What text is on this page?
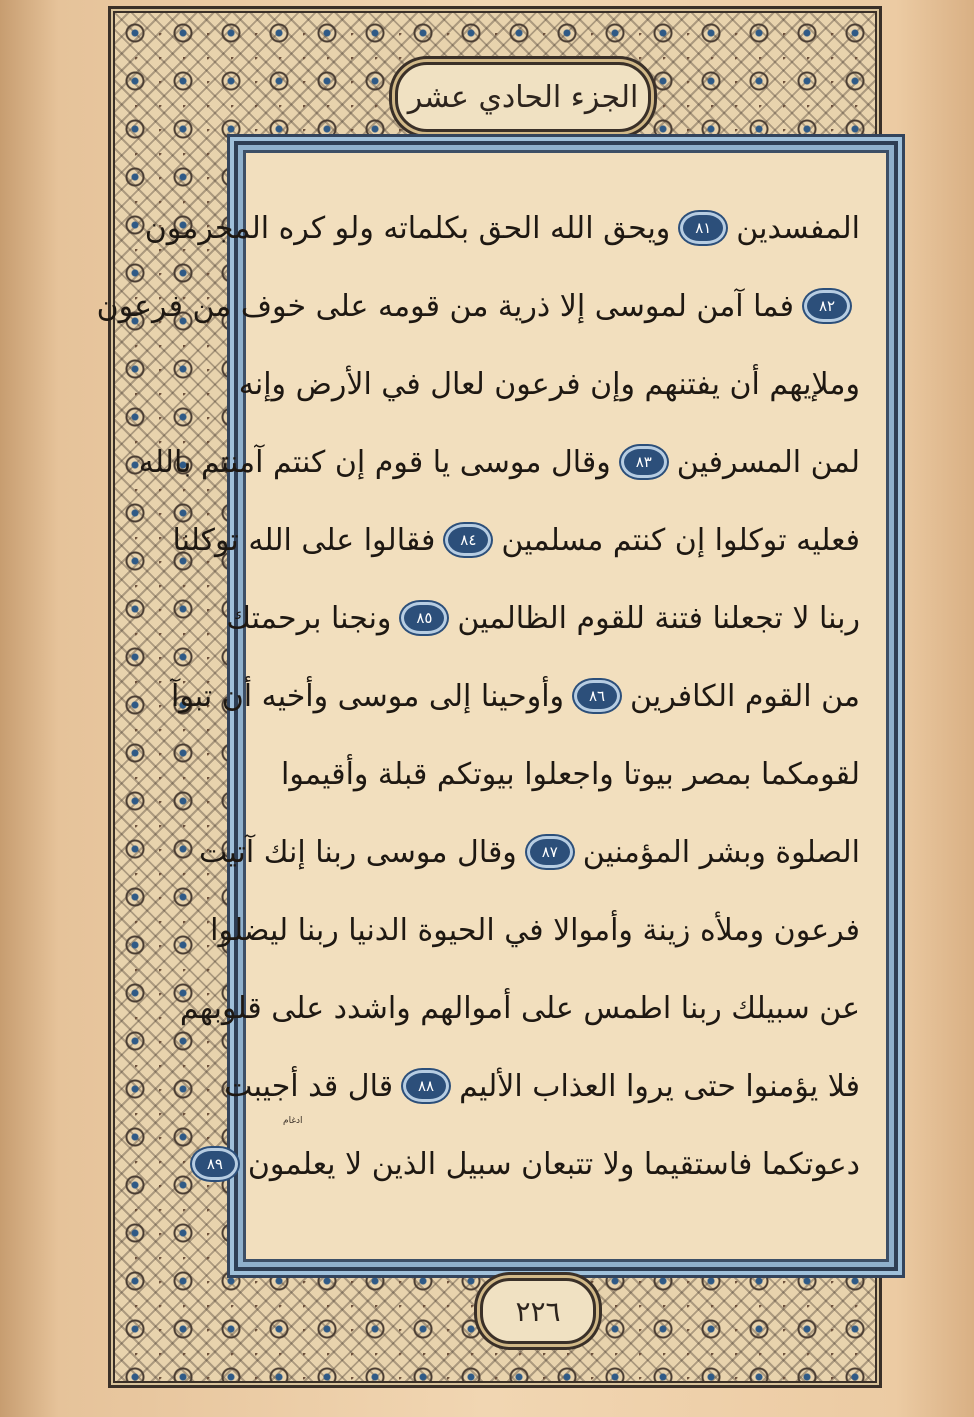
الجزء الحادي عشر
المفسدين
٨١
ويحق الله الحق بكلماته ولو كره المجرمون
٨٢
فما آمن لموسى إلا ذرية من قومه على خوف من فرعون
وملإيهم أن يفتنهم وإن فرعون لعال في الأرض وإنه
لمن المسرفين
٨٣
وقال موسى يا قوم إن كنتم آمنتم بالله
فعليه توكلوا إن كنتم مسلمين
٨٤
فقالوا على الله توكلنا
ربنا لا تجعلنا فتنة للقوم الظالمين
٨٥
ونجنا برحمتك
من القوم الكافرين
٨٦
وأوحينا إلى موسى وأخيه أن تبوآ
لقومكما بمصر بيوتا واجعلوا بيوتكم قبلة وأقيموا
الصلوة وبشر المؤمنين
٨٧
وقال موسى ربنا إنك آتيت
فرعون وملأه زينة وأموالا في الحيوة الدنيا ربنا ليضلوا
عن سبيلك ربنا اطمس على أموالهم واشدد على قلوبهم
فلا يؤمنوا حتى يروا العذاب الأليم
٨٨
قال قد أجيبت
دعوتكما فاستقيما ولا تتبعان سبيل الذين لا يعلمون
٨٩
ادغام
٢٢٦
